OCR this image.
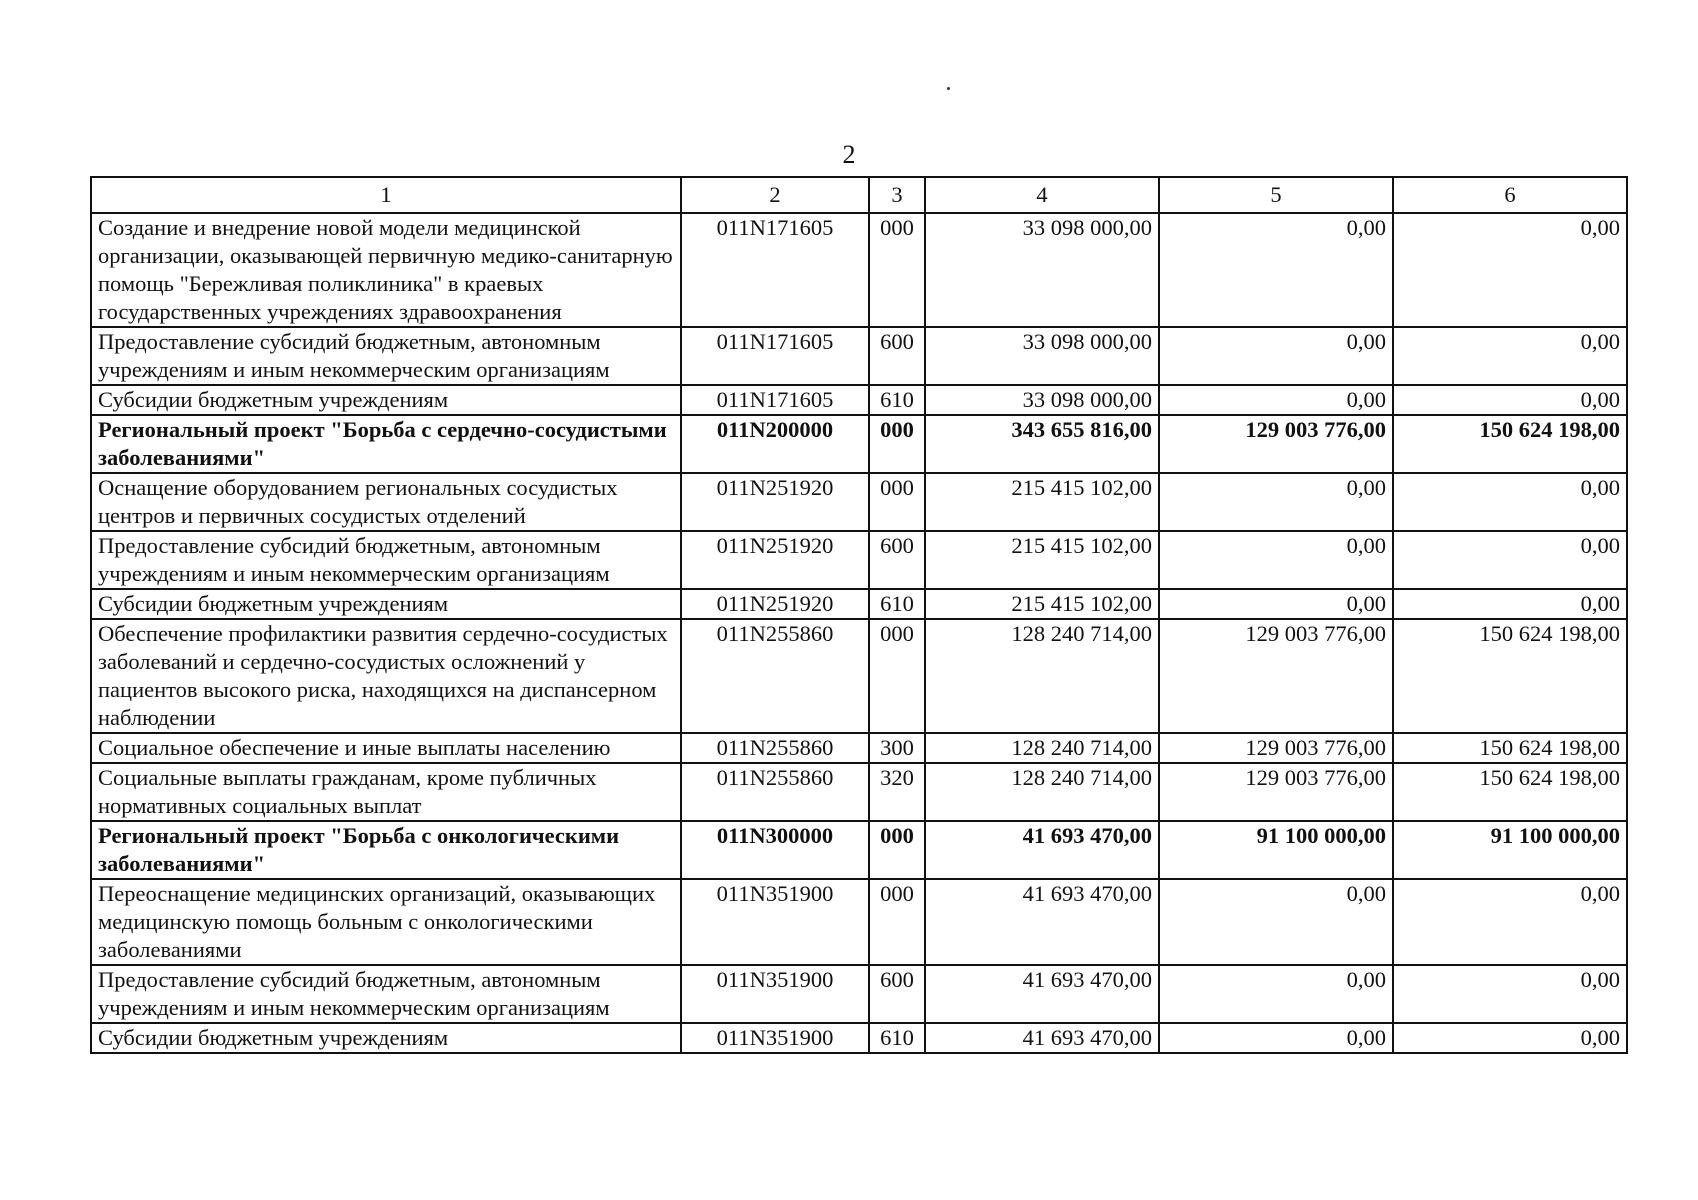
2
1	2	3	4	5	6
Создание и внедрение новой модели медицинской организации, оказывающей первичную медико-санитарную помощь "Бережливая поликлиника" в краевых государственных учреждениях здравоохранения	011N171605	000	33 098 000,00	0,00	0,00
Предоставление субсидий бюджетным, автономным учреждениям и иным некоммерческим организациям	011N171605	600	33 098 000,00	0,00	0,00
Субсидии бюджетным учреждениям	011N171605	610	33 098 000,00	0,00	0,00
Региональный проект "Борьба с сердечно-сосудистыми заболеваниями"	011N200000	000	343 655 816,00	129 003 776,00	150 624 198,00
Оснащение оборудованием региональных сосудистых центров и первичных сосудистых отделений	011N251920	000	215 415 102,00	0,00	0,00
Предоставление субсидий бюджетным, автономным учреждениям и иным некоммерческим организациям	011N251920	600	215 415 102,00	0,00	0,00
Субсидии бюджетным учреждениям	011N251920	610	215 415 102,00	0,00	0,00
Обеспечение профилактики развития сердечно-сосудистых заболеваний и сердечно-сосудистых осложнений у пациентов высокого риска, находящихся на диспансерном наблюдении	011N255860	000	128 240 714,00	129 003 776,00	150 624 198,00
Социальное обеспечение и иные выплаты населению	011N255860	300	128 240 714,00	129 003 776,00	150 624 198,00
Социальные выплаты гражданам, кроме публичных нормативных социальных выплат	011N255860	320	128 240 714,00	129 003 776,00	150 624 198,00
Региональный проект "Борьба с онкологическими заболеваниями"	011N300000	000	41 693 470,00	91 100 000,00	91 100 000,00
Переоснащение медицинских организаций, оказывающих медицинскую помощь больным с онкологическими заболеваниями	011N351900	000	41 693 470,00	0,00	0,00
Предоставление субсидий бюджетным, автономным учреждениям и иным некоммерческим организациям	011N351900	600	41 693 470,00	0,00	0,00
Субсидии бюджетным учреждениям	011N351900	610	41 693 470,00	0,00	0,00
